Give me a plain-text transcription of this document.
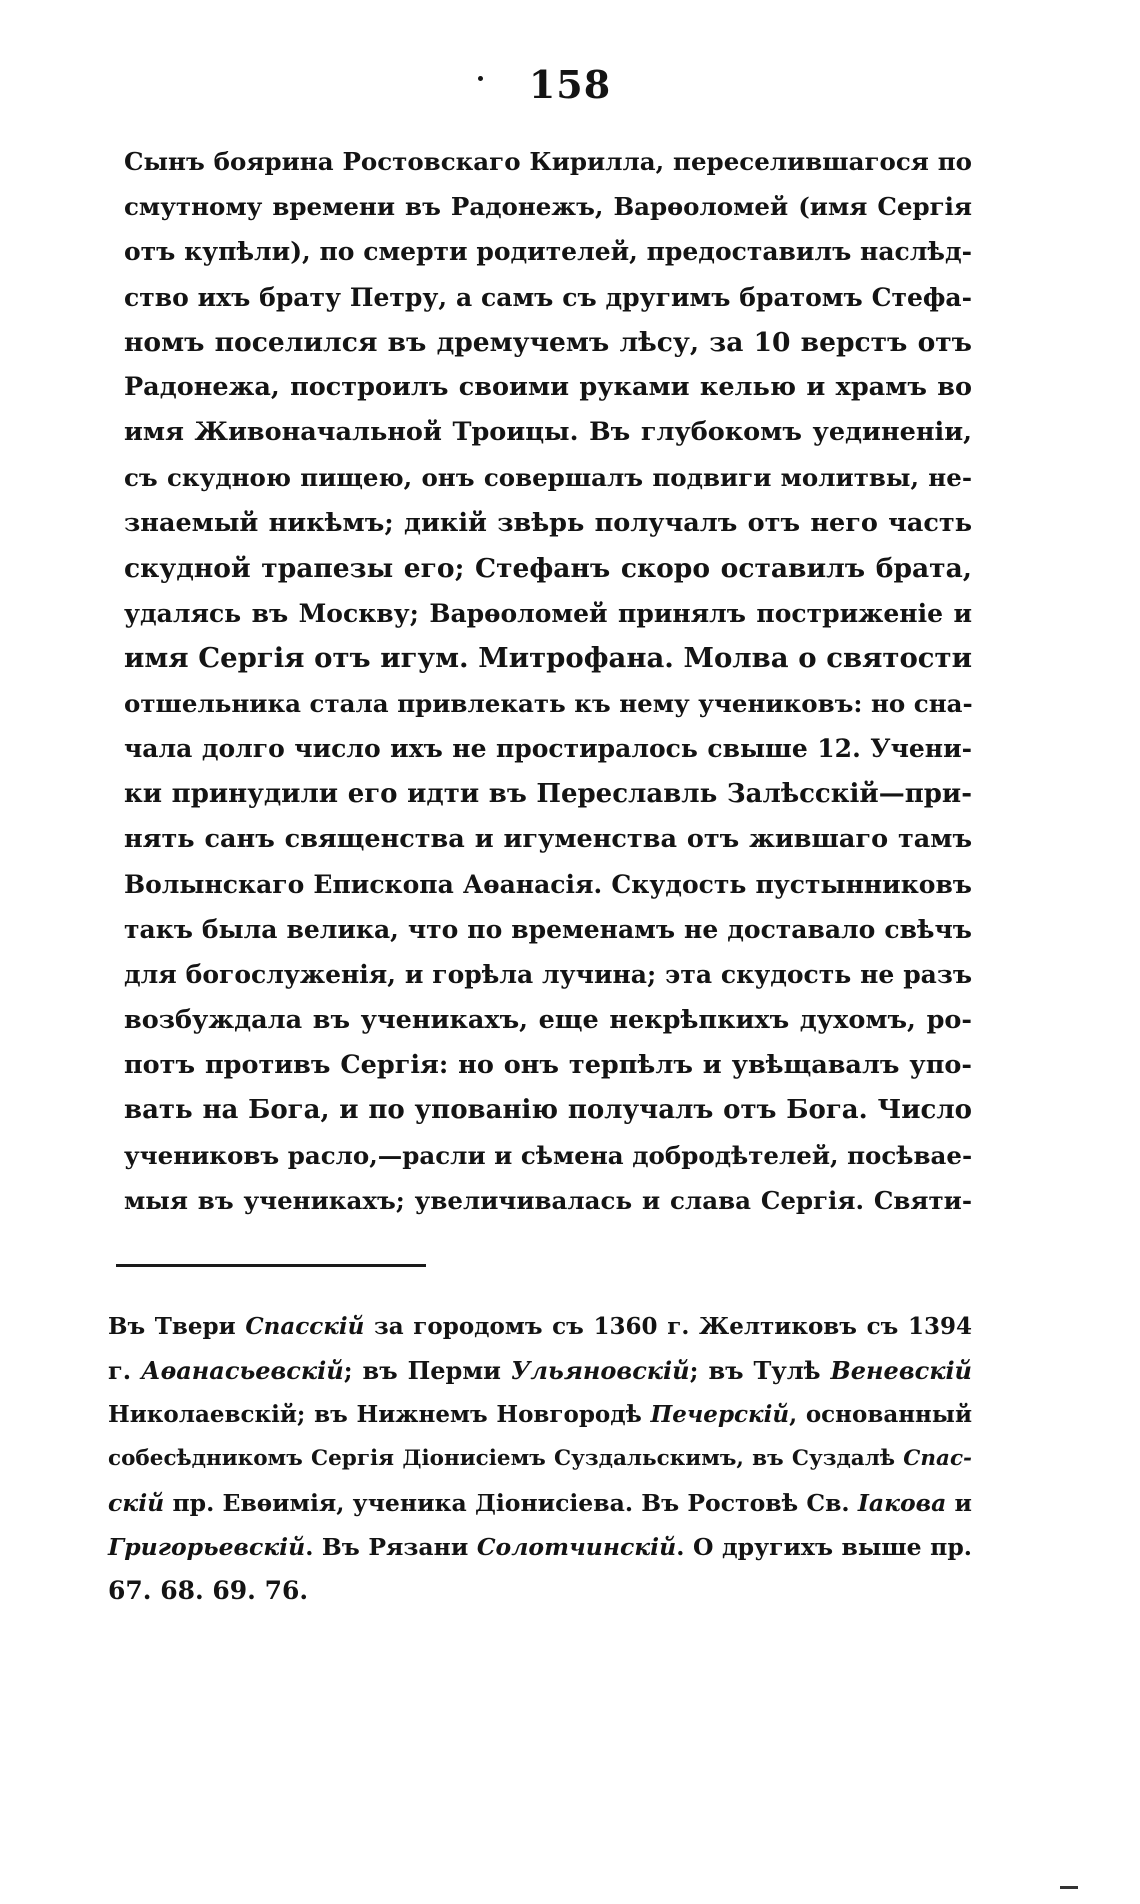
158
Сынъ боярина Ростовскаго Кирилла, переселившагося по
смутному времени въ Радонежъ, Варѳоломей (имя Сергія
отъ купѣли), по смерти родителей, предоставилъ наслѣд-
ство ихъ брату Петру, а самъ съ другимъ братомъ Стефа-
номъ поселился въ дремучемъ лѣсу, за 10 верстъ отъ
Радонежа, построилъ своими руками келью и храмъ во
имя Живоначальной Троицы. Въ глубокомъ уединеніи,
съ скудною пищею, онъ совершалъ подвиги молитвы, не-
знаемый никѣмъ; дикій звѣрь получалъ отъ него часть
скудной трапезы его; Стефанъ скоро оставилъ брата,
удалясь въ Москву; Варѳоломей принялъ постриженіе и
имя Сергія отъ игум. Митрофана. Молва о святости
отшельника стала привлекать къ нему учениковъ: но сна-
чала долго число ихъ не простиралось свыше 12. Учени-
ки принудили его идти въ Переславль Залѣсскій—при-
нять санъ священства и игуменства отъ жившаго тамъ
Волынскаго Епископа Аѳанасія. Скудость пустынниковъ
такъ была велика, что по временамъ не доставало свѣчъ
для богослуженія, и горѣла лучина; эта скудость не разъ
возбуждала въ ученикахъ, еще некрѣпкихъ духомъ, ро-
потъ противъ Сергія: но онъ терпѣлъ и увѣщавалъ упо-
вать на Бога, и по упованію получалъ отъ Бога. Число
учениковъ расло,—расли и сѣмена добродѣтелей, посѣвае-
мыя въ ученикахъ; увеличивалась и слава Сергія. Святи-
Въ Твери Спасскій за городомъ съ 1360 г. Желтиковъ съ 1394
г. Аѳанасьевскій; въ Перми Ульяновскій; въ Тулѣ Веневскій
Николаевскій; въ Нижнемъ Новгородѣ Печерскій, основанный
собесѣдникомъ Сергія Діонисіемъ Суздальскимъ, въ Суздалѣ Спас-
скій пр. Евѳимія, ученика Діонисіева. Въ Ростовѣ Св. Іакова и
Григорьевскій. Въ Рязани Солотчинскій. О другихъ выше пр.
67. 68. 69. 76.
